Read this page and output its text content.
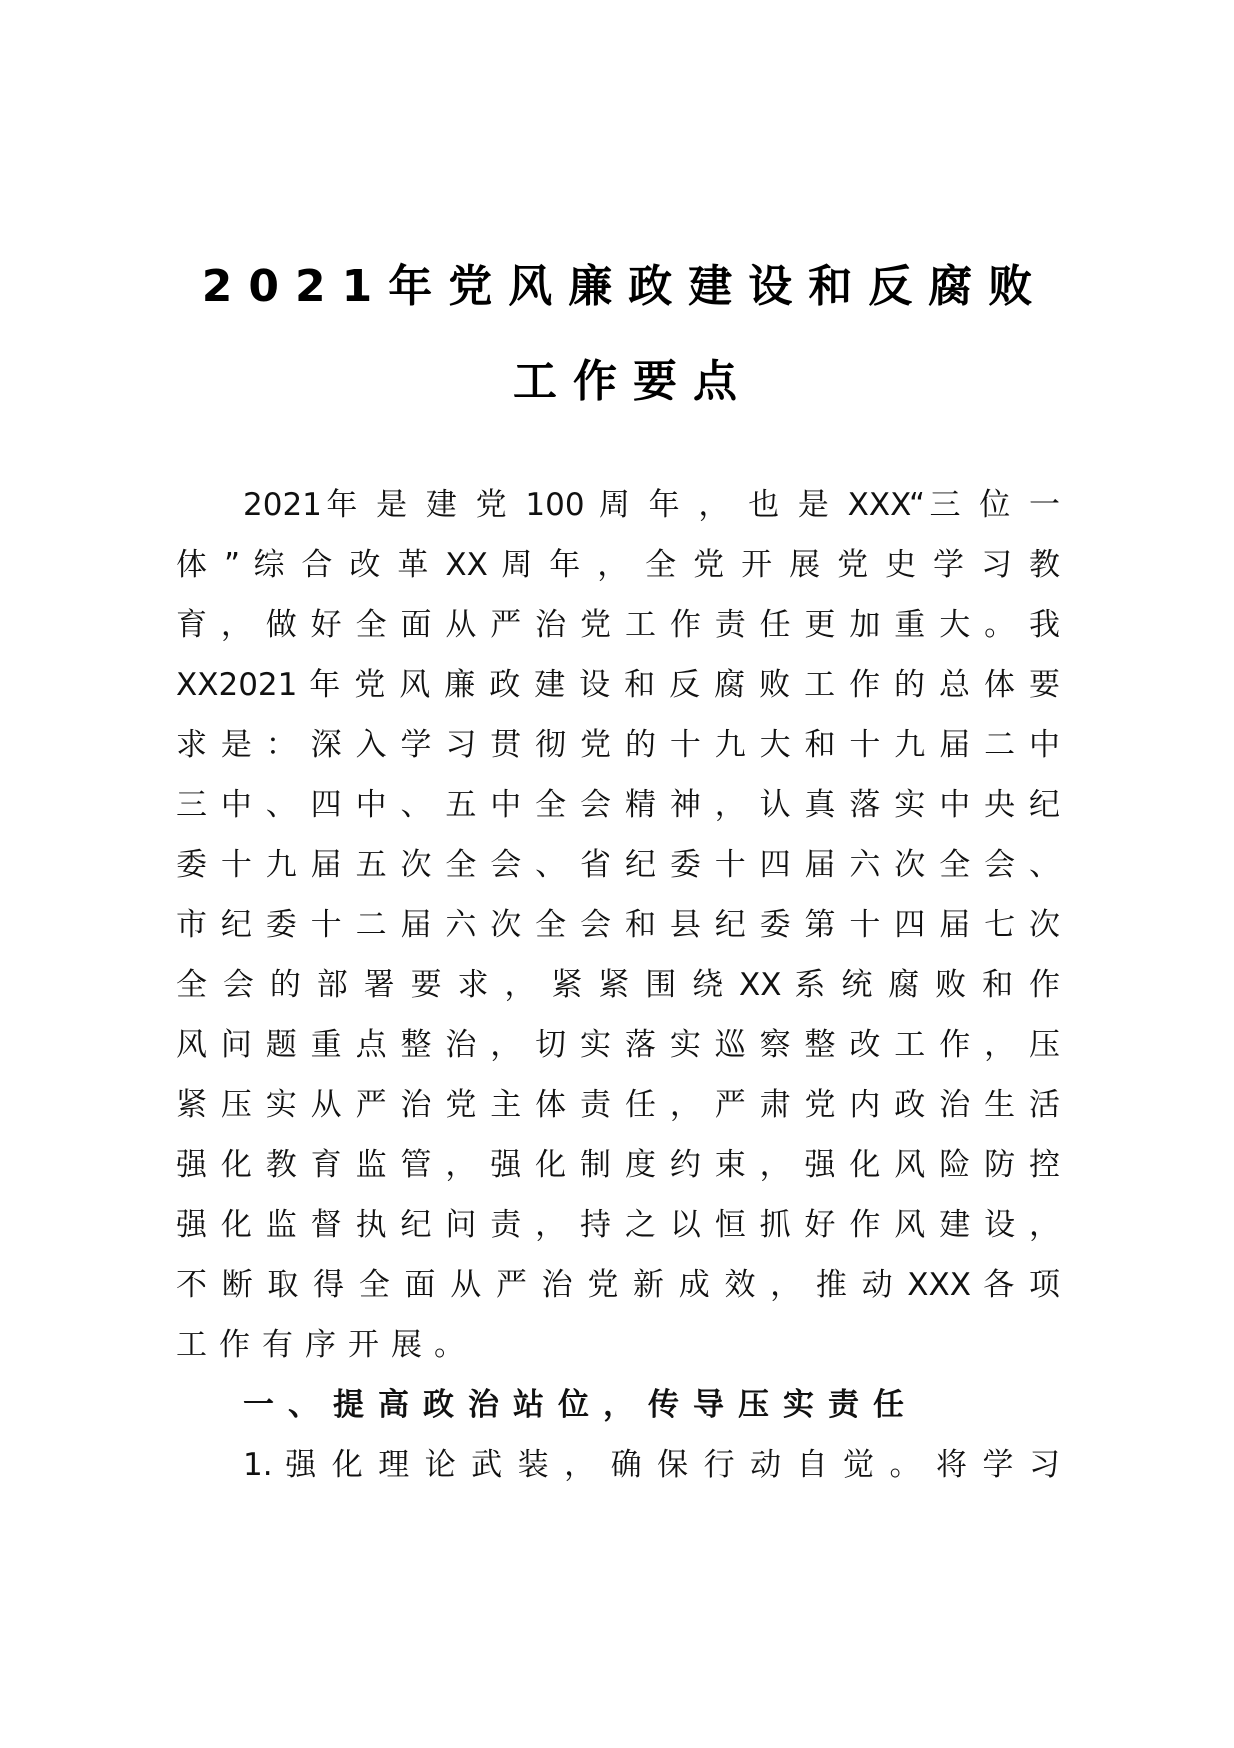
2021年党风廉政建设和反腐败
工作要点
2021年 是 建 党 100 周 年 ， 也 是 XXX“三 位 一
体 ” 综 合 改 革 XX 周 年 ， 全 党 开 展 党 史 学 习 教
育 ， 做 好 全 面 从 严 治 党 工 作 责 任 更 加 重 大 。 我
XX2021 年 党 风 廉 政 建 设 和 反 腐 败 工 作 的 总 体 要
求 是 ： 深 入 学 习 贯 彻 党 的 十 九 大 和 十 九 届 二 中
三 中 、 四 中 、 五 中 全 会 精 神 ， 认 真 落 实 中 央 纪
委 十 九 届 五 次 全 会 、 省 纪 委 十 四 届 六 次 全 会 、
市 纪 委 十 二 届 六 次 全 会 和 县 纪 委 第 十 四 届 七 次
全 会 的 部 署 要 求 ， 紧 紧 围 绕 XX 系 统 腐 败 和 作
风 问 题 重 点 整 治 ， 切 实 落 实 巡 察 整 改 工 作 ， 压
紧 压 实 从 严 治 党 主 体 责 任 ， 严 肃 党 内 政 治 生 活
强 化 教 育 监 管 ， 强 化 制 度 约 束 ， 强 化 风 险 防 控
强 化 监 督 执 纪 问 责 ， 持 之 以 恒 抓 好 作 风 建 设 ，
不 断 取 得 全 面 从 严 治 党 新 成 效 ， 推 动 XXX 各 项
工作有序开展。
一、提高政治站位，传导压实责任
1. 强 化 理 论 武 装 ， 确 保 行 动 自 觉 。 将 学 习
